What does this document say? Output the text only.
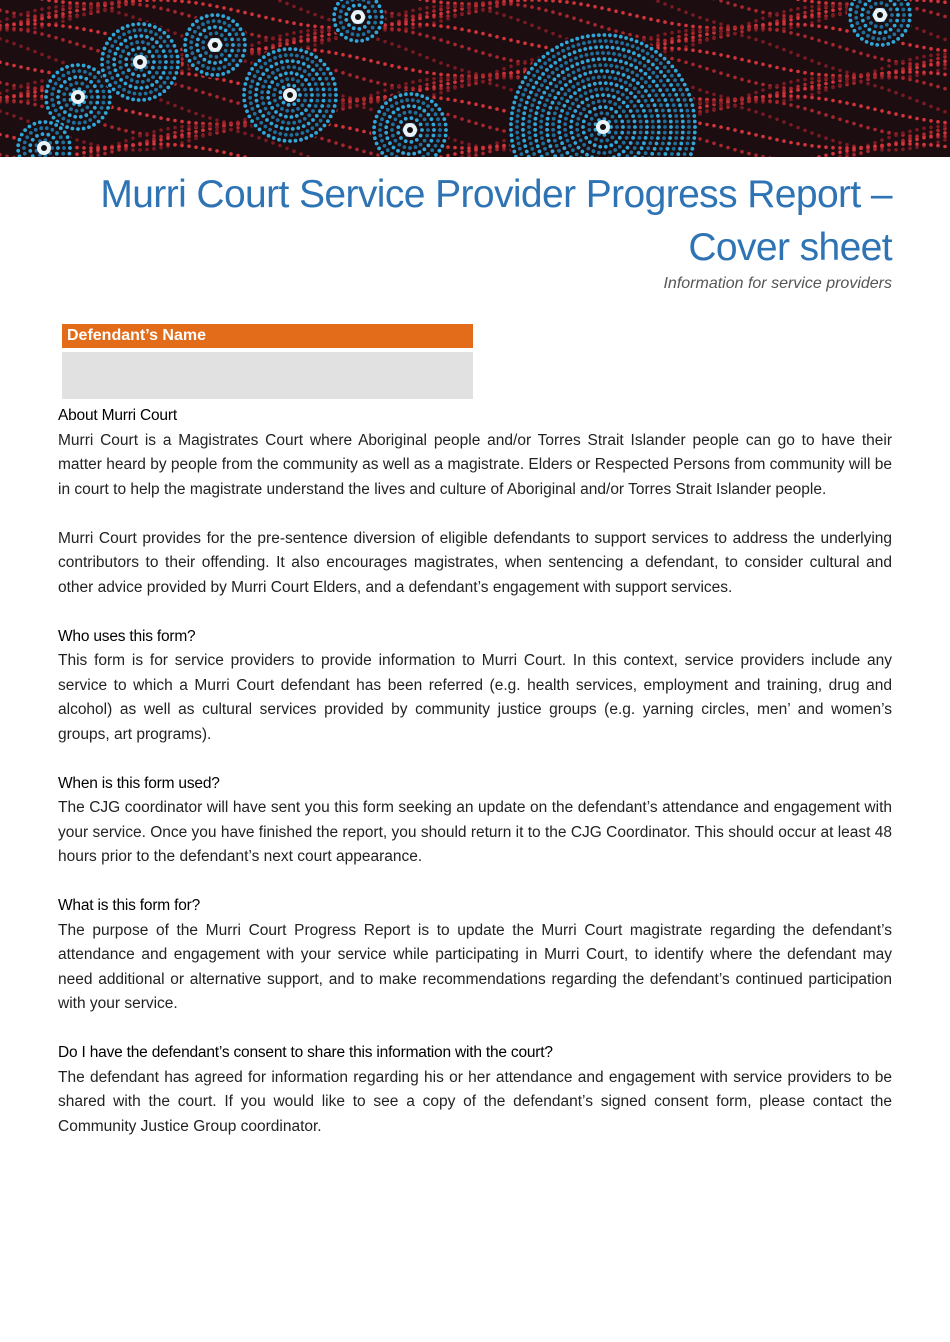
Murri Court Service Provider Progress Report – Cover sheet

Information for service providers

Defendant’s Name
About Murri Court

Murri Court is a Magistrates Court where Aboriginal people and/or Torres Strait Islander people can go to have their matter heard by people from the community as well as a magistrate. Elders or Respected Persons from community will be in court to help the magistrate understand the lives and culture of Aboriginal and/or Torres Strait Islander people.

Murri Court provides for the pre-sentence diversion of eligible defendants to support services to address the underlying contributors to their offending. It also encourages magistrates, when sentencing a defendant, to consider cultural and other advice provided by Murri Court Elders, and a defendant’s engagement with support services.

Who uses this form?

This form is for service providers to provide information to Murri Court. In this context, service providers include any service to which a Murri Court defendant has been referred (e.g. health services, employment and training, drug and alcohol) as well as cultural services provided by community justice groups (e.g. yarning circles, men’ and women’s groups, art programs).

When is this form used?

The CJG coordinator will have sent you this form seeking an update on the defendant’s attendance and engagement with your service. Once you have finished the report, you should return it to the CJG Coordinator. This should occur at least 48 hours prior to the defendant’s next court appearance.

What is this form for?

The purpose of the Murri Court Progress Report is to update the Murri Court magistrate regarding the defendant’s attendance and engagement with your service while participating in Murri Court, to identify where the defendant may need additional or alternative support, and to make recommendations regarding the defendant’s continued participation with your service.

Do I have the defendant’s consent to share this information with the court?

The defendant has agreed for information regarding his or her attendance and engagement with service providers to be shared with the court. If you would like to see a copy of the defendant’s signed consent form, please contact the Community Justice Group coordinator.
